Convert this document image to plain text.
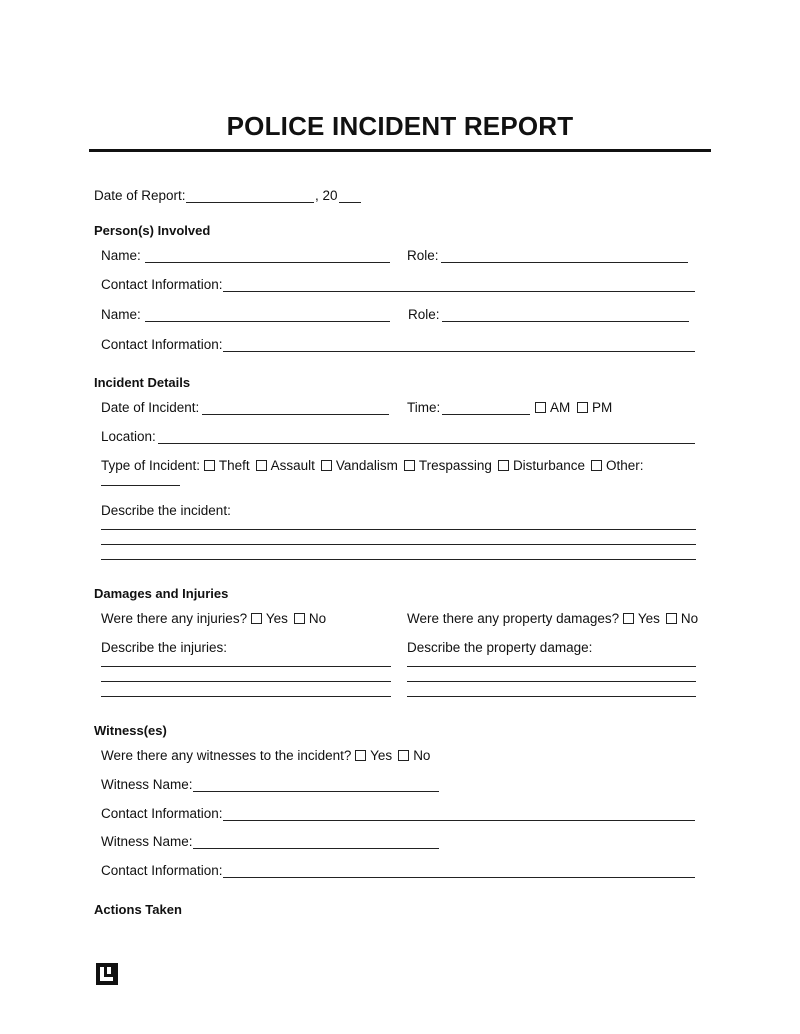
POLICE INCIDENT REPORT
Date of Report:	, 20
Person(s) Involved
Name:	Role:
Contact Information:
Name:	Role:
Contact Information:
Incident Details
Date of Incident:	Time:	AM	PM
Location:
Type of Incident: Theft Assault Vandalism Trespassing Disturbance Other:
Describe the incident:
Damages and Injuries
Were there any injuries? Yes No	Were there any property damages? Yes No
Describe the injuries:	Describe the property damage:
Witness(es)
Were there any witnesses to the incident? Yes No
Witness Name:
Contact Information:
Witness Name:
Contact Information:
Actions Taken
